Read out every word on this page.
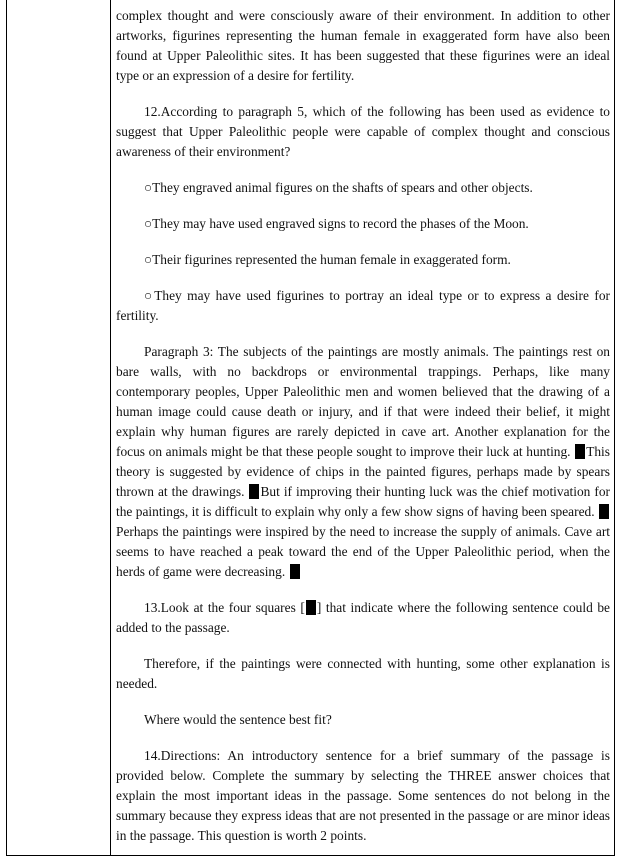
complex thought and were consciously aware of their environment. In addition to other artworks, figurines representing the human female in exaggerated form have also been found at Upper Paleolithic sites. It has been suggested that these figurines were an ideal type or an expression of a desire for fertility.

12.According to paragraph 5, which of the following has been used as evidence to suggest that Upper Paleolithic people were capable of complex thought and conscious awareness of their environment?

○They engraved animal figures on the shafts of spears and other objects.

○They may have used engraved signs to record the phases of the Moon.

○Their figurines represented the human female in exaggerated form.

○They may have used figurines to portray an ideal type or to express a desire for fertility.

Paragraph 3: The subjects of the paintings are mostly animals. The paintings rest on bare walls, with no backdrops or environmental trappings. Perhaps, like many contemporary peoples, Upper Paleolithic men and women believed that the drawing of a human image could cause death or injury, and if that were indeed their belief, it might explain why human figures are rarely depicted in cave art. Another explanation for the focus on animals might be that these people sought to improve their luck at hunting. This theory is suggested by evidence of chips in the painted figures, perhaps made by spears thrown at the drawings. But if improving their hunting luck was the chief motivation for the paintings, it is difficult to explain why only a few show signs of having been speared. Perhaps the paintings were inspired by the need to increase the supply of animals. Cave art seems to have reached a peak toward the end of the Upper Paleolithic period, when the herds of game were decreasing.

13.Look at the four squares [ ] that indicate where the following sentence could be added to the passage.

Therefore, if the paintings were connected with hunting, some other explanation is needed.

Where would the sentence best fit?

14.Directions: An introductory sentence for a brief summary of the passage is provided below. Complete the summary by selecting the THREE answer choices that explain the most important ideas in the passage. Some sentences do not belong in the summary because they express ideas that are not presented in the passage or are minor ideas in the passage. This question is worth 2 points.
